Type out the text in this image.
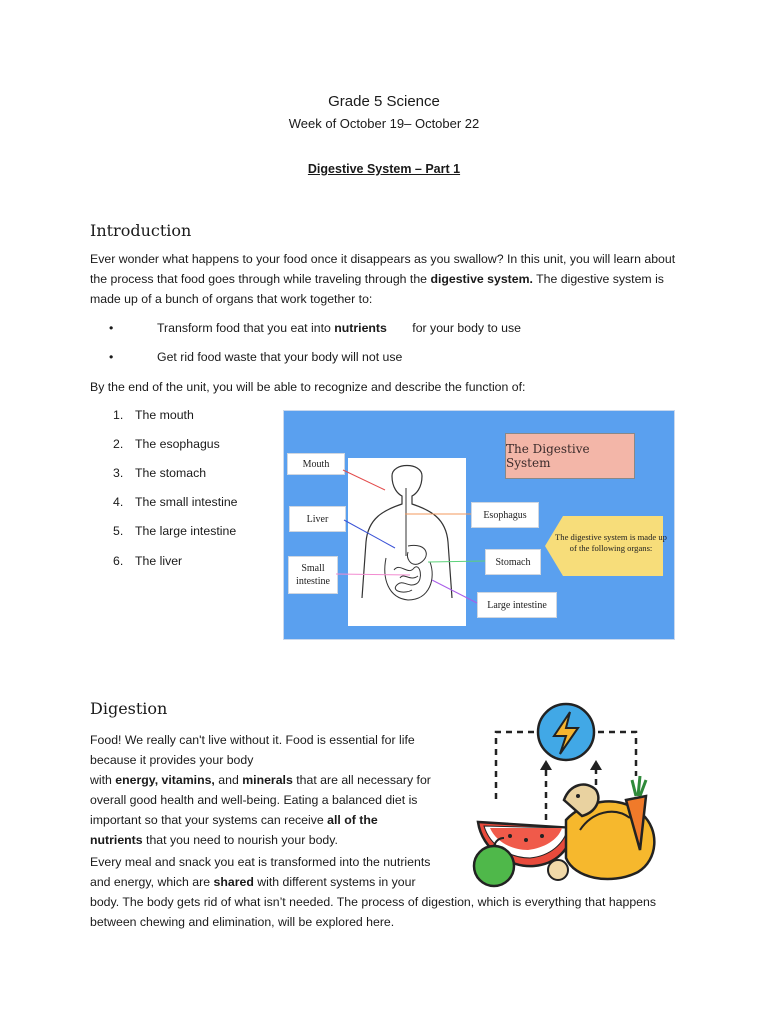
Grade 5 Science
Week of October 19– October 22
Digestive System – Part 1
Introduction

Ever wonder what happens to your food once it disappears as you swallow? In this unit, you will learn about the process that food goes through while traveling through the digestive system. The digestive system is made up of a bunch of organs that work together to:

• Transform food that you eat into nutrients for your body to use
• Get rid food waste that your body will not use

By the end of the unit, you will be able to recognize and describe the function of:

1. The mouth
2. The esophagus
3. The stomach
4. The small intestine
5. The large intestine
6. The liver
The Digestive System
Mouth
Liver
Small intestine
Esophagus
Stomach
Large intestine
The digestive system is made up of the following organs:
Digestion
Food! We really can't live without it. Food is essential for life
because it provides your body
with energy, vitamins, and minerals that are all necessary for
overall good health and well-being. Eating a balanced diet is
important so that your systems can receive all of the
nutrients that you need to nourish your body.
Every meal and snack you eat is transformed into the nutrients
and energy, which are shared with different systems in your
body. The body gets rid of what isn’t needed. The process of digestion, which is everything that happens
between chewing and elimination, will be explored here.
